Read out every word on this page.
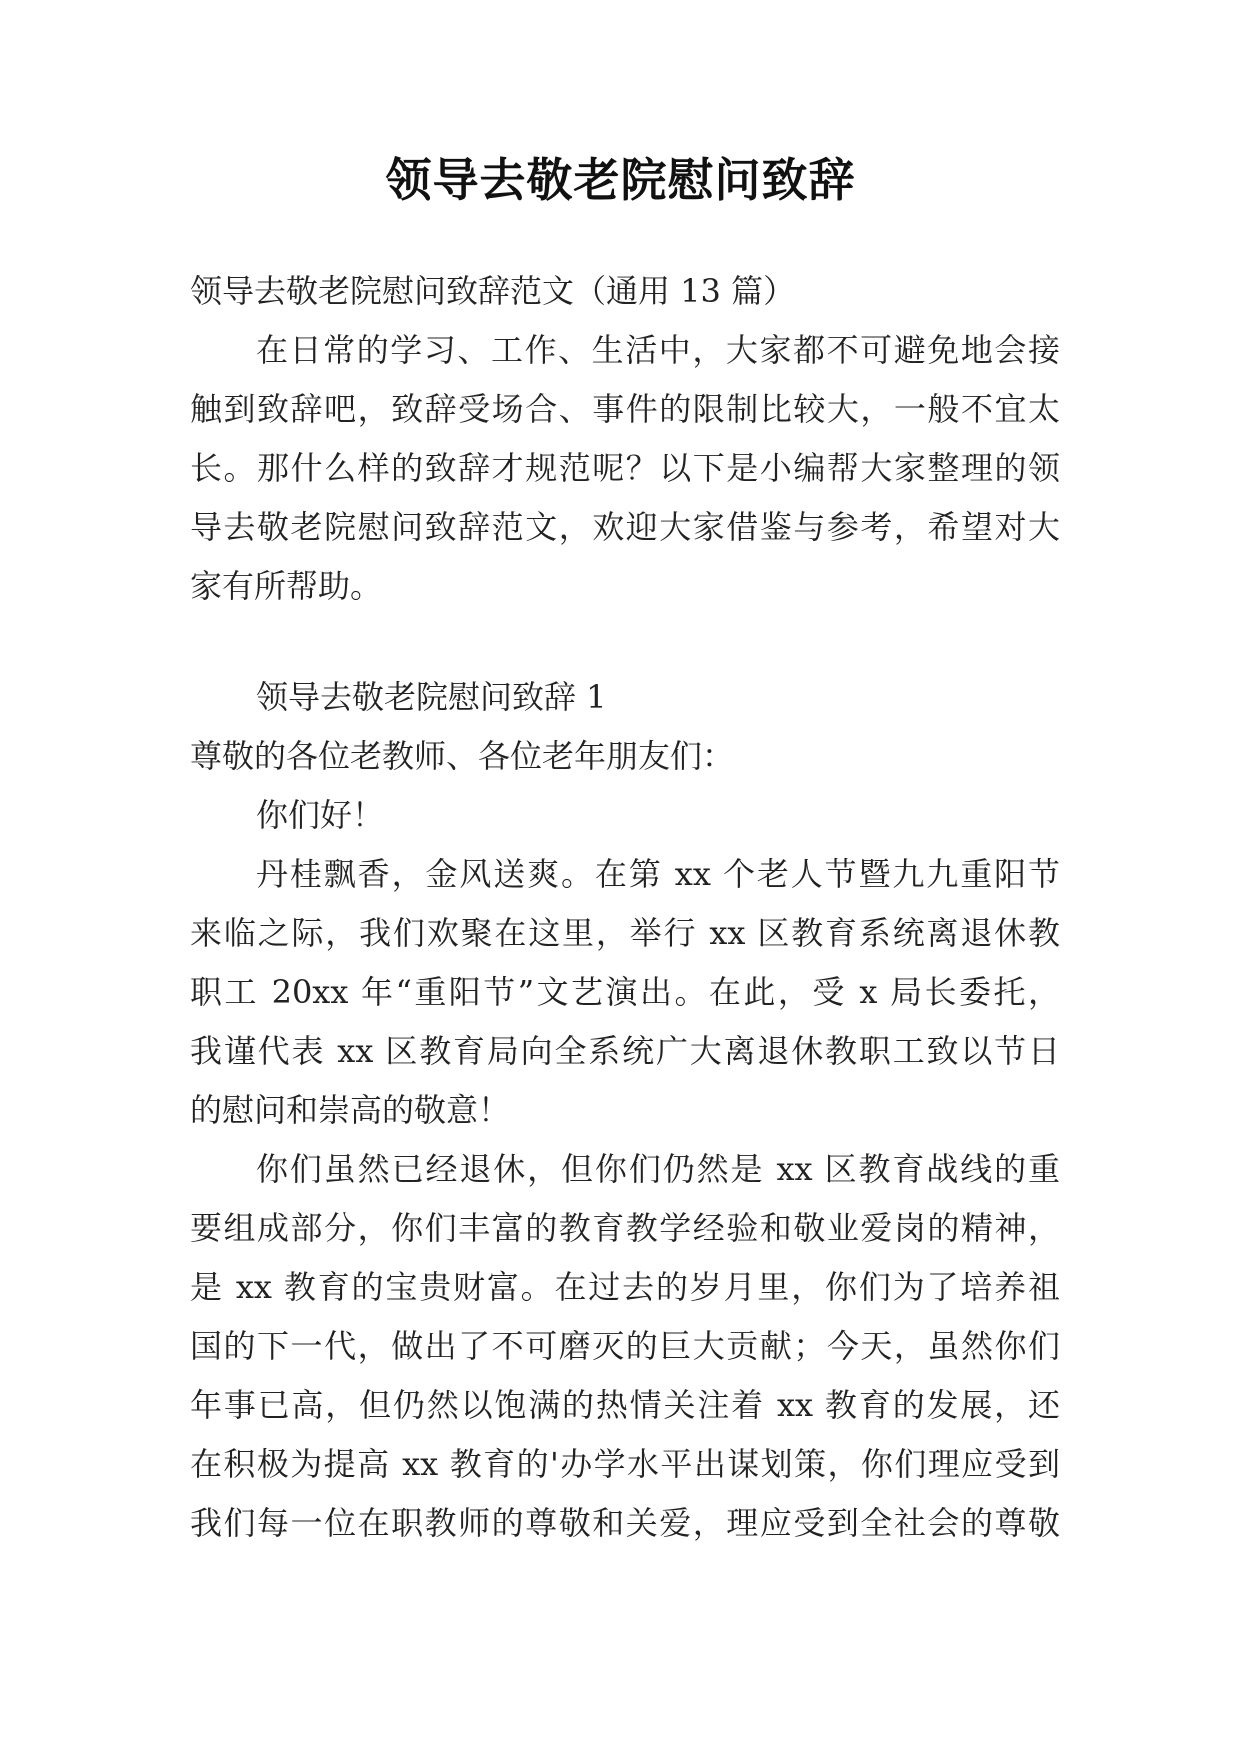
领导去敬老院慰问致辞
领导去敬老院慰问致辞范文（通用 13 篇）
在日常的学习、工作、生活中，大家都不可避免地会接
触到致辞吧，致辞受场合、事件的限制比较大，一般不宜太
长。那什么样的致辞才规范呢？以下是小编帮大家整理的领
导去敬老院慰问致辞范文，欢迎大家借鉴与参考，希望对大
家有所帮助。
领导去敬老院慰问致辞 1
尊敬的各位老教师、各位老年朋友们：
你们好！
丹桂飘香，金风送爽。在第 xx 个老人节暨九九重阳节
来临之际，我们欢聚在这里，举行 xx 区教育系统离退休教
职工 20xx 年“重阳节”文艺演出。在此，受 x 局长委托，
我谨代表 xx 区教育局向全系统广大离退休教职工致以节日
的慰问和崇高的敬意！
你们虽然已经退休，但你们仍然是 xx 区教育战线的重
要组成部分，你们丰富的教育教学经验和敬业爱岗的精神，
是 xx 教育的宝贵财富。在过去的岁月里，你们为了培养祖
国的下一代，做出了不可磨灭的巨大贡献；今天，虽然你们
年事已高，但仍然以饱满的热情关注着 xx 教育的发展，还
在积极为提高 xx 教育的'办学水平出谋划策，你们理应受到
我们每一位在职教师的尊敬和关爱，理应受到全社会的尊敬
